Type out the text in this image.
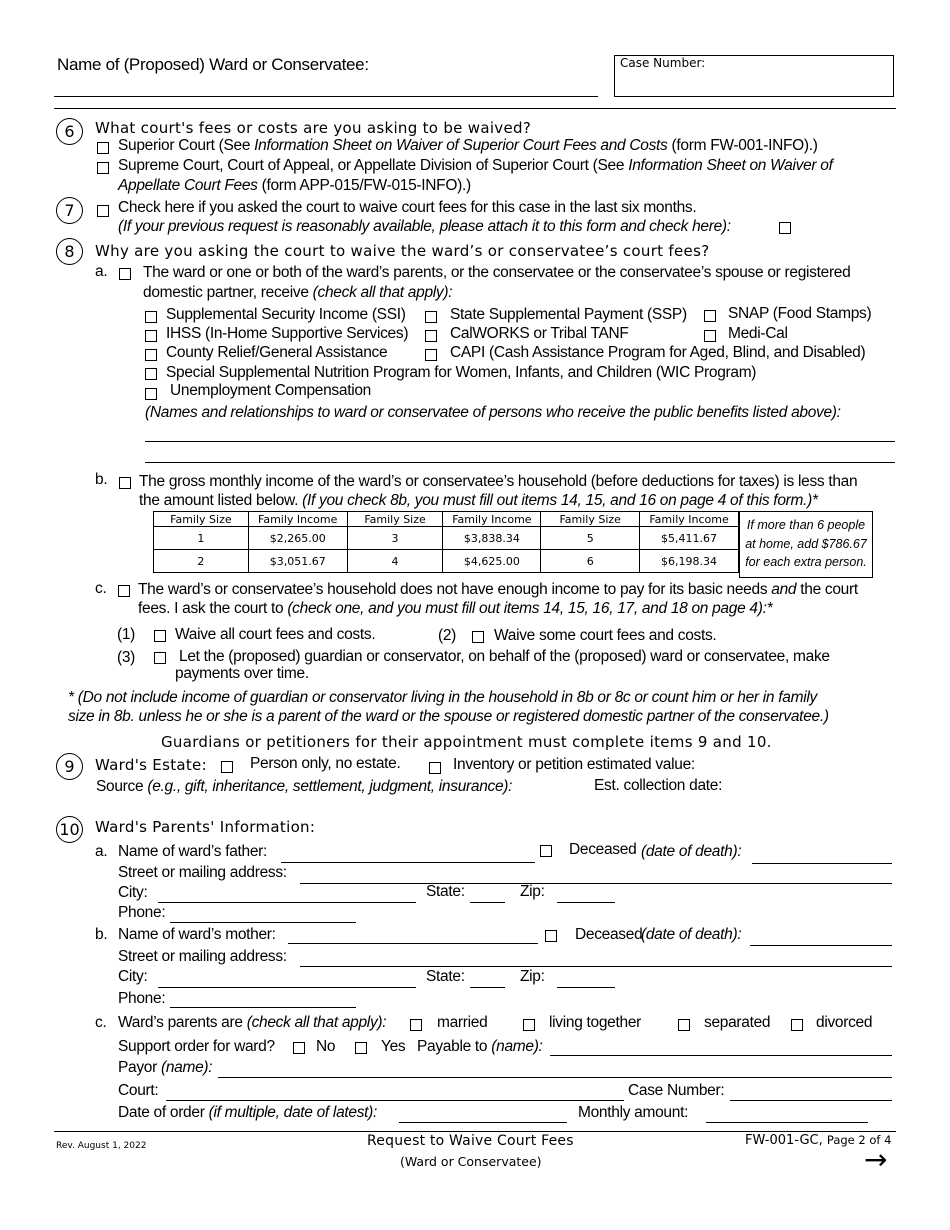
Name of (Proposed) Ward or Conservatee:	Case Number:
6	What court's fees or costs are you asking to be waived?
Superior Court (See Information Sheet on Waiver of Superior Court Fees and Costs (form FW-001-INFO).)
Supreme Court, Court of Appeal, or Appellate Division of Superior Court (See Information Sheet on Waiver of
Appellate Court Fees (form APP-015/FW-015-INFO).)
7	Check here if you asked the court to waive court fees for this case in the last six months.
(If your previous request is reasonably available, please attach it to this form and check here):
8	Why are you asking the court to waive the ward’s or conservatee’s court fees?
a. The ward or one or both of the ward’s parents, or the conservatee or the conservatee’s spouse or registered
domestic partner, receive (check all that apply):
Supplemental Security Income (SSI)	State Supplemental Payment (SSP)	SNAP (Food Stamps)
IHSS (In-Home Supportive Services)	CalWORKS or Tribal TANF	Medi-Cal
County Relief/General Assistance	CAPI (Cash Assistance Program for Aged, Blind, and Disabled)
Special Supplemental Nutrition Program for Women, Infants, and Children (WIC Program)
Unemployment Compensation
(Names and relationships to ward or conservatee of persons who receive the public benefits listed above):
b. The gross monthly income of the ward’s or conservatee’s household (before deductions for taxes) is less than
the amount listed below. (If you check 8b, you must fill out items 14, 15, and 16 on page 4 of this form.)*
Family Size	Family Income	Family Size	Family Income	Family Size	Family Income
1	$2,265.00	3	$3,838.34	5	$5,411.67
2	$3,051.67	4	$4,625.00	6	$6,198.34
If more than 6 people
at home, add $786.67
for each extra person.
c. The ward’s or conservatee’s household does not have enough income to pay for its basic needs and the court
fees. I ask the court to (check one, and you must fill out items 14, 15, 16, 17, and 18 on page 4):*
(1)	Waive all court fees and costs.	(2) Waive some court fees and costs.
(3)	Let the (proposed) guardian or conservator, on behalf of the (proposed) ward or conservatee, make
payments over time.
* (Do not include income of guardian or conservator living in the household in 8b or 8c or count him or her in family
size in 8b. unless he or she is a parent of the ward or the spouse or registered domestic partner of the conservatee.)
Guardians or petitioners for their appointment must complete items 9 and 10.
9	Ward's Estate:	Person only, no estate.	Inventory or petition estimated value:
Source (e.g., gift, inheritance, settlement, judgment, insurance):	Est. collection date:
10 Ward's Parents' Information:
a. Name of ward’s father:	Deceased (date of death):
Street or mailing address:
City:	State:	Zip:
Phone:
b. Name of ward’s mother:	Deceased
(date of death):
Street or mailing address:
City:	State:	Zip:
Phone:
c. Ward’s parents are (check all that apply):	married	living together	separated	divorced
Support order for ward?	No	Yes Payable to (name):
Payor (name):
Court:	Case Number:
Date of order (if multiple, date of latest):	Monthly amount:
Rev. August 1, 2022	Request to Waive Court Fees
(Ward or Conservatee)
FW-001-GC, Page 2 of 4
→
